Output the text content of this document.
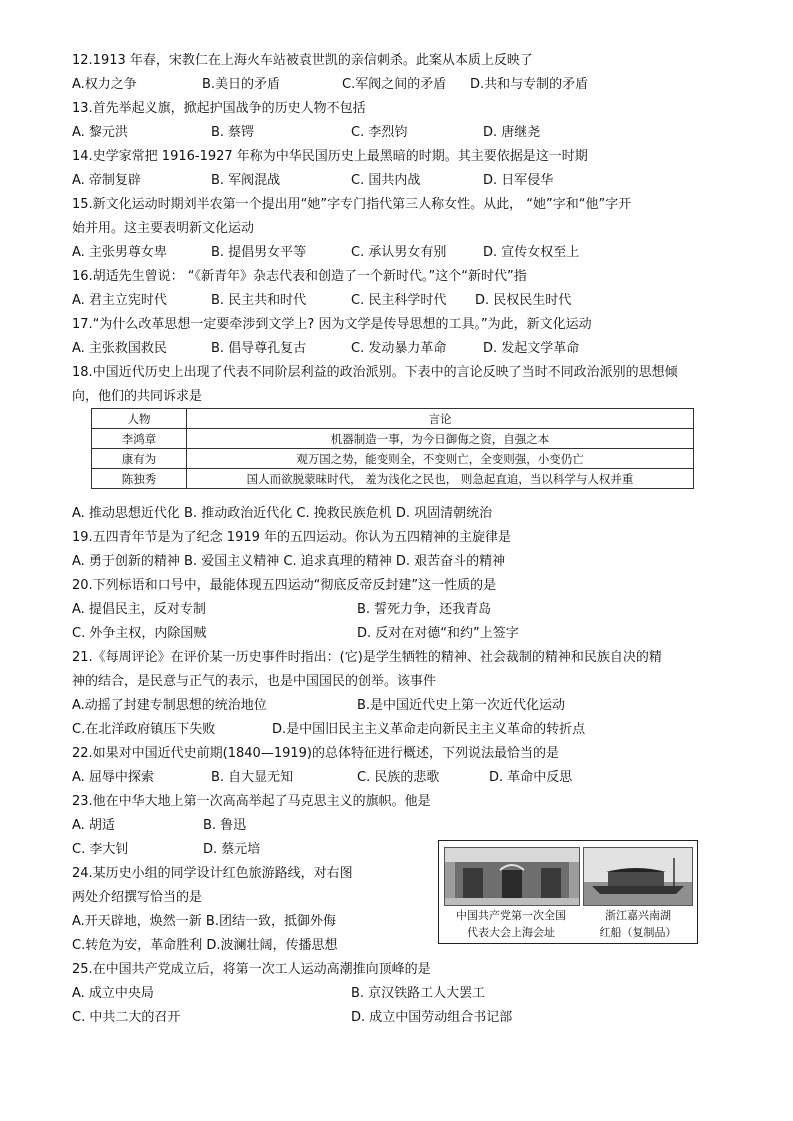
12.1913 年春，宋教仁在上海火车站被袁世凯的亲信刺杀。此案从本质上反映了
A.权力之争	B.美日的矛盾	C.军阀之间的矛盾 D.共和与专制的矛盾
13.首先举起义旗，掀起护国战争的历史人物不包括
A. 黎元洪	B. 蔡锷	C. 李烈钧	D. 唐继尧
14.史学家常把 1916-1927 年称为中华民国历史上最黑暗的时期。其主要依据是这一时期
A. 帝制复辟	B. 军阀混战	C. 国共内战	D. 日军侵华
15.新文化运动时期刘半农第一个提出用“她”字专门指代第三人称女性。从此， “她”字和“他”字开
始并用。这主要表明新文化运动
A. 主张男尊女卑	B. 提倡男女平等	C. 承认男女有别	D. 宣传女权至上
16.胡适先生曾说： “《新青年》杂志代表和创造了一个新时代。”这个“新时代”指
A. 君主立宪时代	B. 民主共和时代	C. 民主科学时代 D. 民权民生时代
17.“为什么改革思想一定要牵涉到文学上? 因为文学是传导思想的工具。”为此，新文化运动
A. 主张救国救民	B. 倡导尊孔复古	C. 发动暴力革命	D. 发起文学革命
18.中国近代历史上出现了代表不同阶层利益的政治派别。下表中的言论反映了当时不同政治派别的思想倾
向，他们的共同诉求是
人物	言论
李鸿章	机器制造一事，为今日御侮之资，自强之本
康有为	观万国之势，能变则全，不变则亡，全变则强，小变仍亡
陈独秀	国人而欲脱蒙昧时代， 羞为浅化之民也， 则急起直追，当以科学与人权并重
A. 推动思想近代化 B. 推动政治近代化 C. 挽救民族危机 D. 巩固清朝统治
19.五四青年节是为了纪念 1919 年的五四运动。你认为五四精神的主旋律是
A. 勇于创新的精神 B. 爱国主义精神 C. 追求真理的精神 D. 艰苦奋斗的精神
20.下列标语和口号中，最能体现五四运动“彻底反帝反封建”这一性质的是
A. 提倡民主，反对专制	B. 誓死力争，还我青岛
C. 外争主权，内除国贼	D. 反对在对德“和约”上签字
21.《每周评论》在评价某一历史事件时指出：(它)是学生牺牲的精神、社会裁制的精神和民族自决的精
神的结合，是民意与正气的表示，也是中国国民的创举。该事件
A.动摇了封建专制思想的统治地位	B.是中国近代史上第一次近代化运动
C.在北洋政府镇压下失败	D.是中国旧民主主义革命走向新民主主义革命的转折点
22.如果对中国近代史前期(1840—1919)的总体特征进行概述，下列说法最恰当的是
A. 屈辱中探索	B. 自大显无知	C. 民族的悲歌	D. 革命中反思
23.他在中华大地上第一次高高举起了马克思主义的旗帜。他是
A. 胡适	B. 鲁迅
C. 李大钊	D. 蔡元培
24.某历史小组的同学设计红色旅游路线，对右图
两处介绍撰写恰当的是
A.开天辟地，焕然一新 B.团结一致，抵御外侮
C.转危为安，革命胜利 D.波澜壮阔，传播思想
中国共产党第一次全国
代表大会上海会址
浙江嘉兴南湖
红船（复制品）
25.在中国共产党成立后，将第一次工人运动高潮推向顶峰的是
A. 成立中央局	B. 京汉铁路工人大罢工
C. 中共二大的召开	D. 成立中国劳动组合书记部
